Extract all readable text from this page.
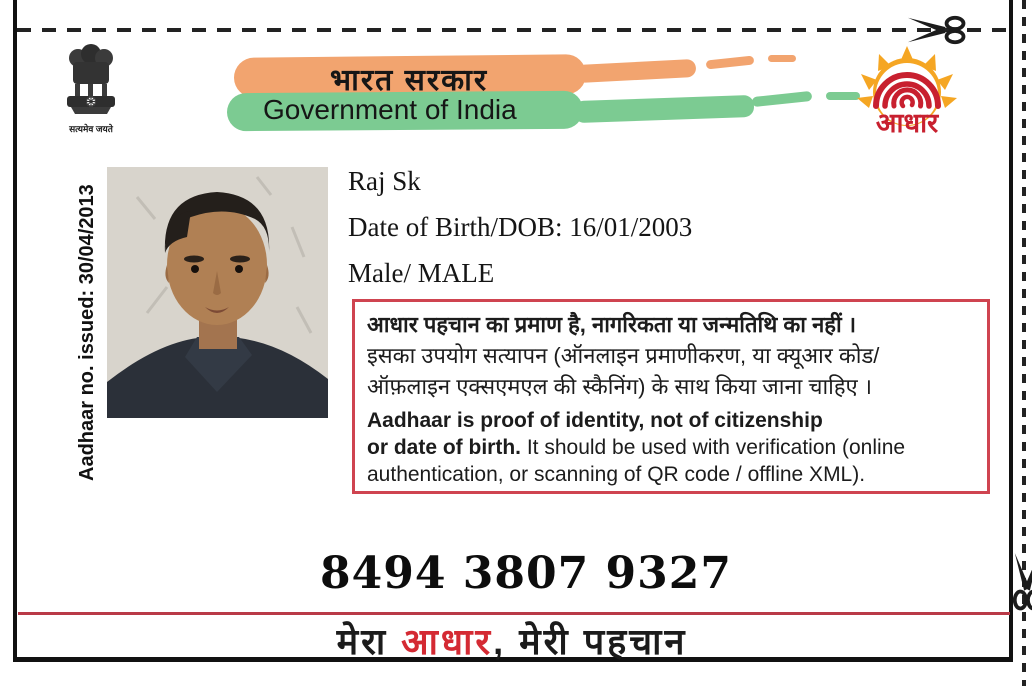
सत्यमेव जयते
भारत सरकार
Government of India	आधार
Aadhaar no. issued: 30/04/2013
Raj Sk
Date of Birth/DOB: 16/01/2003
Male/ MALE
आधार पहचान का प्रमाण है, नागरिकता या जन्मतिथि का नहीं ।
इसका उपयोग सत्यापन (ऑनलाइन प्रमाणीकरण, या क्यूआर कोड/
ऑफ़लाइन एक्सएमएल की स्कैनिंग) के साथ किया जाना चाहिए ।
Aadhaar is proof of identity, not of citizenship
or date of birth. It should be used with verification (online
authentication, or scanning of QR code / offline XML).
8494 3807 9327
मेरा आधार, मेरी पहचान
